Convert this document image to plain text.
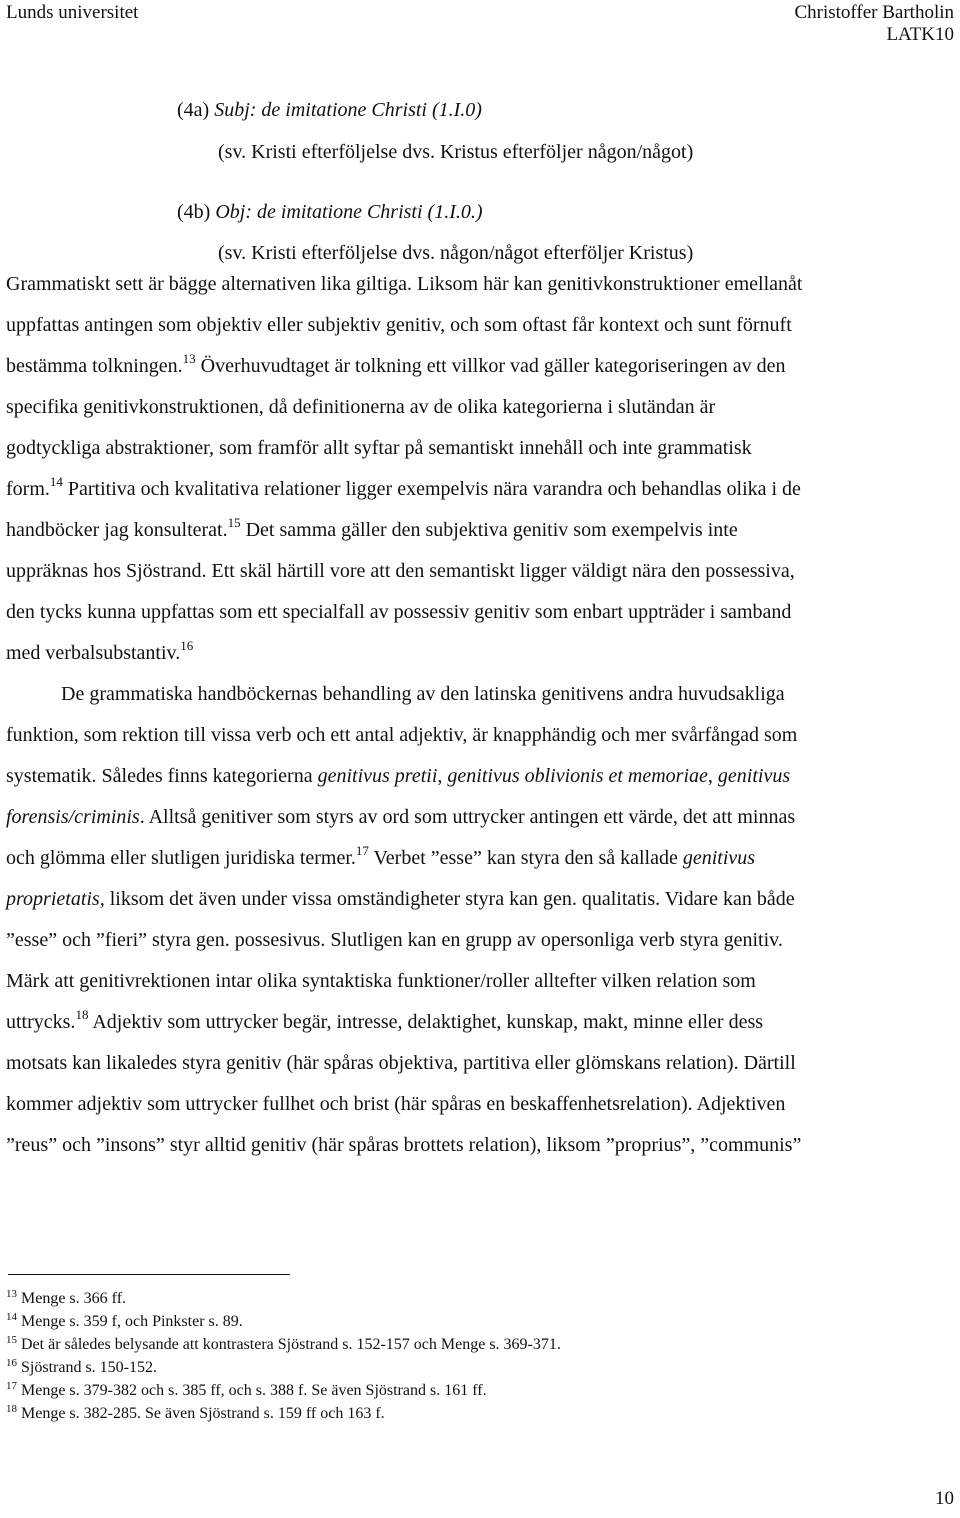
Lunds universitet	Christoffer Bartholin
LATK10
(4a) Subj: de imitatione Christi (1.I.0)
(sv. Kristi efterföljelse dvs. Kristus efterföljer någon/något)
(4b) Obj: de imitatione Christi (1.I.0.)
(sv. Kristi efterföljelse dvs. någon/något efterföljer Kristus)
Grammatiskt sett är bägge alternativen lika giltiga. Liksom här kan genitivkonstruktioner emellanåt
uppfattas antingen som objektiv eller subjektiv genitiv, och som oftast får kontext och sunt förnuft
bestämma tolkningen.$^{13}$ Överhuvudtaget är tolkning ett villkor vad gäller kategoriseringen av den
specifika genitivkonstruktionen, då definitionerna av de olika kategorierna i slutändan är
godtyckliga abstraktioner, som framför allt syftar på semantiskt innehåll och inte grammatisk
form.$^{14}$ Partitiva och kvalitativa relationer ligger exempelvis nära varandra och behandlas olika i de
handböcker jag konsulterat.$^{15}$ Det samma gäller den subjektiva genitiv som exempelvis inte
uppräknas hos Sjöstrand. Ett skäl härtill vore att den semantiskt ligger väldigt nära den possessiva,
den tycks kunna uppfattas som ett specialfall av possessiv genitiv som enbart uppträder i samband
med verbalsubstantiv.$^{16}$
De grammatiska handböckernas behandling av den latinska genitivens andra huvudsakliga
funktion, som rektion till vissa verb och ett antal adjektiv, är knapphändig och mer svårfångad som
systematik. Således finns kategorierna genitivus pretii, genitivus oblivionis et memoriae, genitivus
forensis/criminis. Alltså genitiver som styrs av ord som uttrycker antingen ett värde, det att minnas
och glömma eller slutligen juridiska termer.$^{17}$ Verbet ”esse” kan styra den så kallade genitivus
proprietatis, liksom det även under vissa omständigheter styra kan gen. qualitatis. Vidare kan både
”esse” och ”fieri” styra gen. possesivus. Slutligen kan en grupp av opersonliga verb styra genitiv.
Märk att genitivrektionen intar olika syntaktiska funktioner/roller alltefter vilken relation som
uttrycks.$^{18}$ Adjektiv som uttrycker begär, intresse, delaktighet, kunskap, makt, minne eller dess
motsats kan likaledes styra genitiv (här spåras objektiva, partitiva eller glömskans relation). Därtill
kommer adjektiv som uttrycker fullhet och brist (här spåras en beskaffenhetsrelation). Adjektiven
”reus” och ”insons” styr alltid genitiv (här spåras brottets relation), liksom ”proprius”, ”communis”
$^{13}$ Menge s. 366 ff.
$^{14}$ Menge s. 359 f, och Pinkster s. 89.
$^{15}$ Det är således belysande att kontrastera Sjöstrand s. 152-157 och Menge s. 369-371.
$^{16}$ Sjöstrand s. 150-152.
$^{17}$ Menge s. 379-382 och s. 385 ff, och s. 388 f. Se även Sjöstrand s. 161 ff.
$^{18}$ Menge s. 382-285. Se även Sjöstrand s. 159 ff och 163 f.
10
